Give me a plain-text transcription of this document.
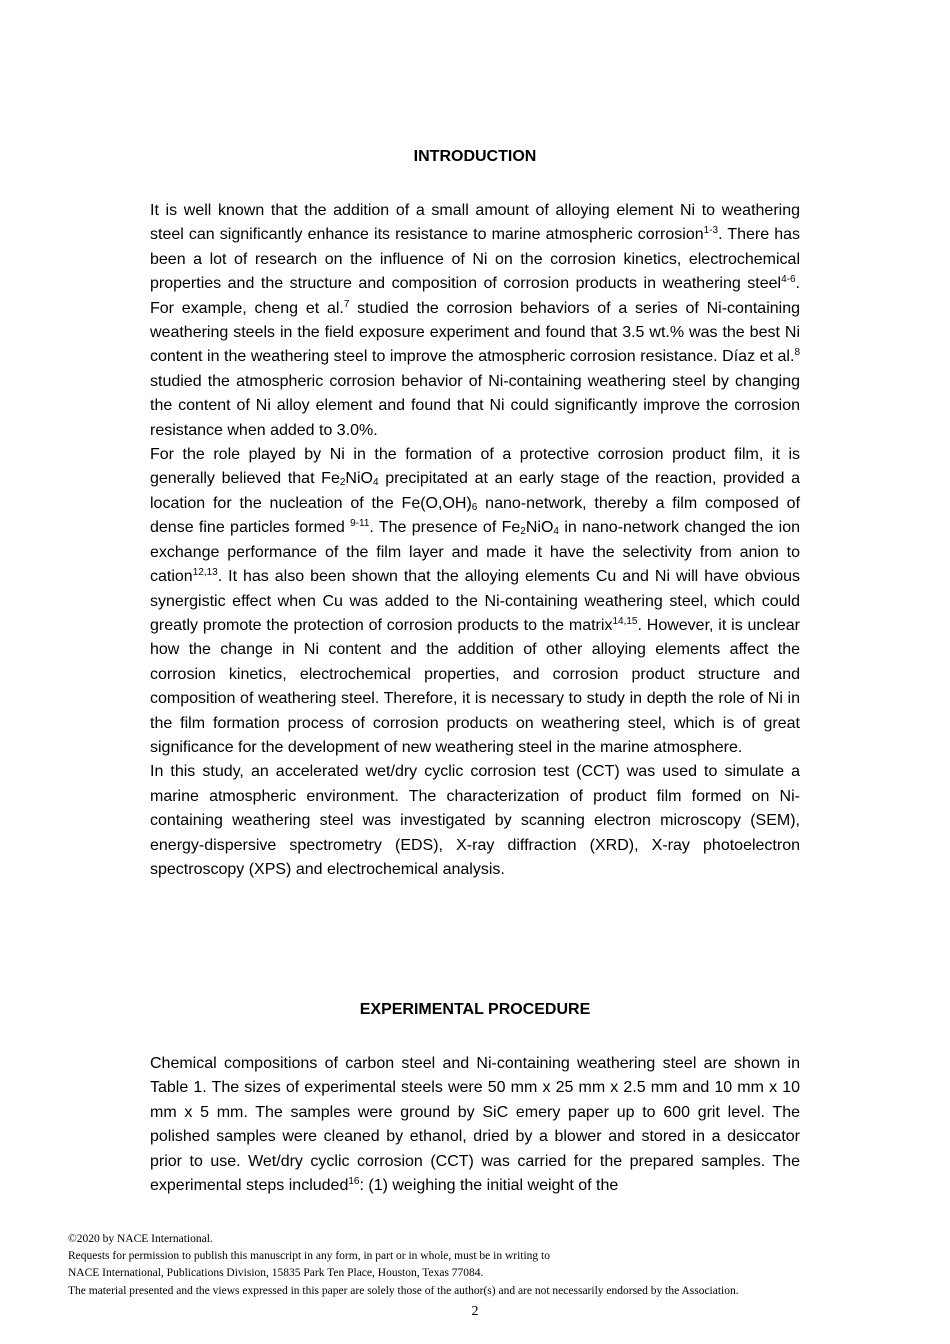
INTRODUCTION

It is well known that the addition of a small amount of alloying element Ni to weathering steel can significantly enhance its resistance to marine atmospheric corrosion$^{1-3}$. There has been a lot of research on the influence of Ni on the corrosion kinetics, electrochemical properties and the structure and composition of corrosion products in weathering steel$^{4-6}$. For example, cheng et al.$^7$ studied the corrosion behaviors of a series of Ni-containing weathering steels in the field exposure experiment and found that 3.5 wt.% was the best Ni content in the weathering steel to improve the atmospheric corrosion resistance. Díaz et al.$^8$ studied the atmospheric corrosion behavior of Ni-containing weathering steel by changing the content of Ni alloy element and found that Ni could significantly improve the corrosion resistance when added to 3.0%.

For the role played by Ni in the formation of a protective corrosion product film, it is generally believed that $Fe_2NiO_4$ precipitated at an early stage of the reaction, provided a location for the nucleation of the $Fe(O,OH)_6$ nano-network, thereby a film composed of dense fine particles formed $^{9-11}$. The presence of $Fe_2NiO_4$ in nano-network changed the ion exchange performance of the film layer and made it have the selectivity from anion to cation$^{12,13}$. It has also been shown that the alloying elements Cu and Ni will have obvious synergistic effect when Cu was added to the Ni-containing weathering steel, which could greatly promote the protection of corrosion products to the matrix$^{14,15}$. However, it is unclear how the change in Ni content and the addition of other alloying elements affect the corrosion kinetics, electrochemical properties, and corrosion product structure and composition of weathering steel. Therefore, it is necessary to study in depth the role of Ni in the film formation process of corrosion products on weathering steel, which is of great significance for the development of new weathering steel in the marine atmosphere.

In this study, an accelerated wet/dry cyclic corrosion test (CCT) was used to simulate a marine atmospheric environment. The characterization of product film formed on Ni-containing weathering steel was investigated by scanning electron microscopy (SEM), energy-dispersive spectrometry (EDS), X-ray diffraction (XRD), X-ray photoelectron spectroscopy (XPS) and electrochemical analysis.

EXPERIMENTAL PROCEDURE

Chemical compositions of carbon steel and Ni-containing weathering steel are shown in Table 1. The sizes of experimental steels were 50 mm x 25 mm x 2.5 mm and 10 mm x 10 mm x 5 mm. The samples were ground by SiC emery paper up to 600 grit level. The polished samples were cleaned by ethanol, dried by a blower and stored in a desiccator prior to use. Wet/dry cyclic corrosion (CCT) was carried for the prepared samples. The experimental steps included$^{16}$: (1) weighing the initial weight of the

©2020 by NACE International.
Requests for permission to publish this manuscript in any form, in part or in whole, must be in writing to
NACE International, Publications Division, 15835 Park Ten Place, Houston, Texas 77084.
The material presented and the views expressed in this paper are solely those of the author(s) and are not necessarily endorsed by the Association.
2
